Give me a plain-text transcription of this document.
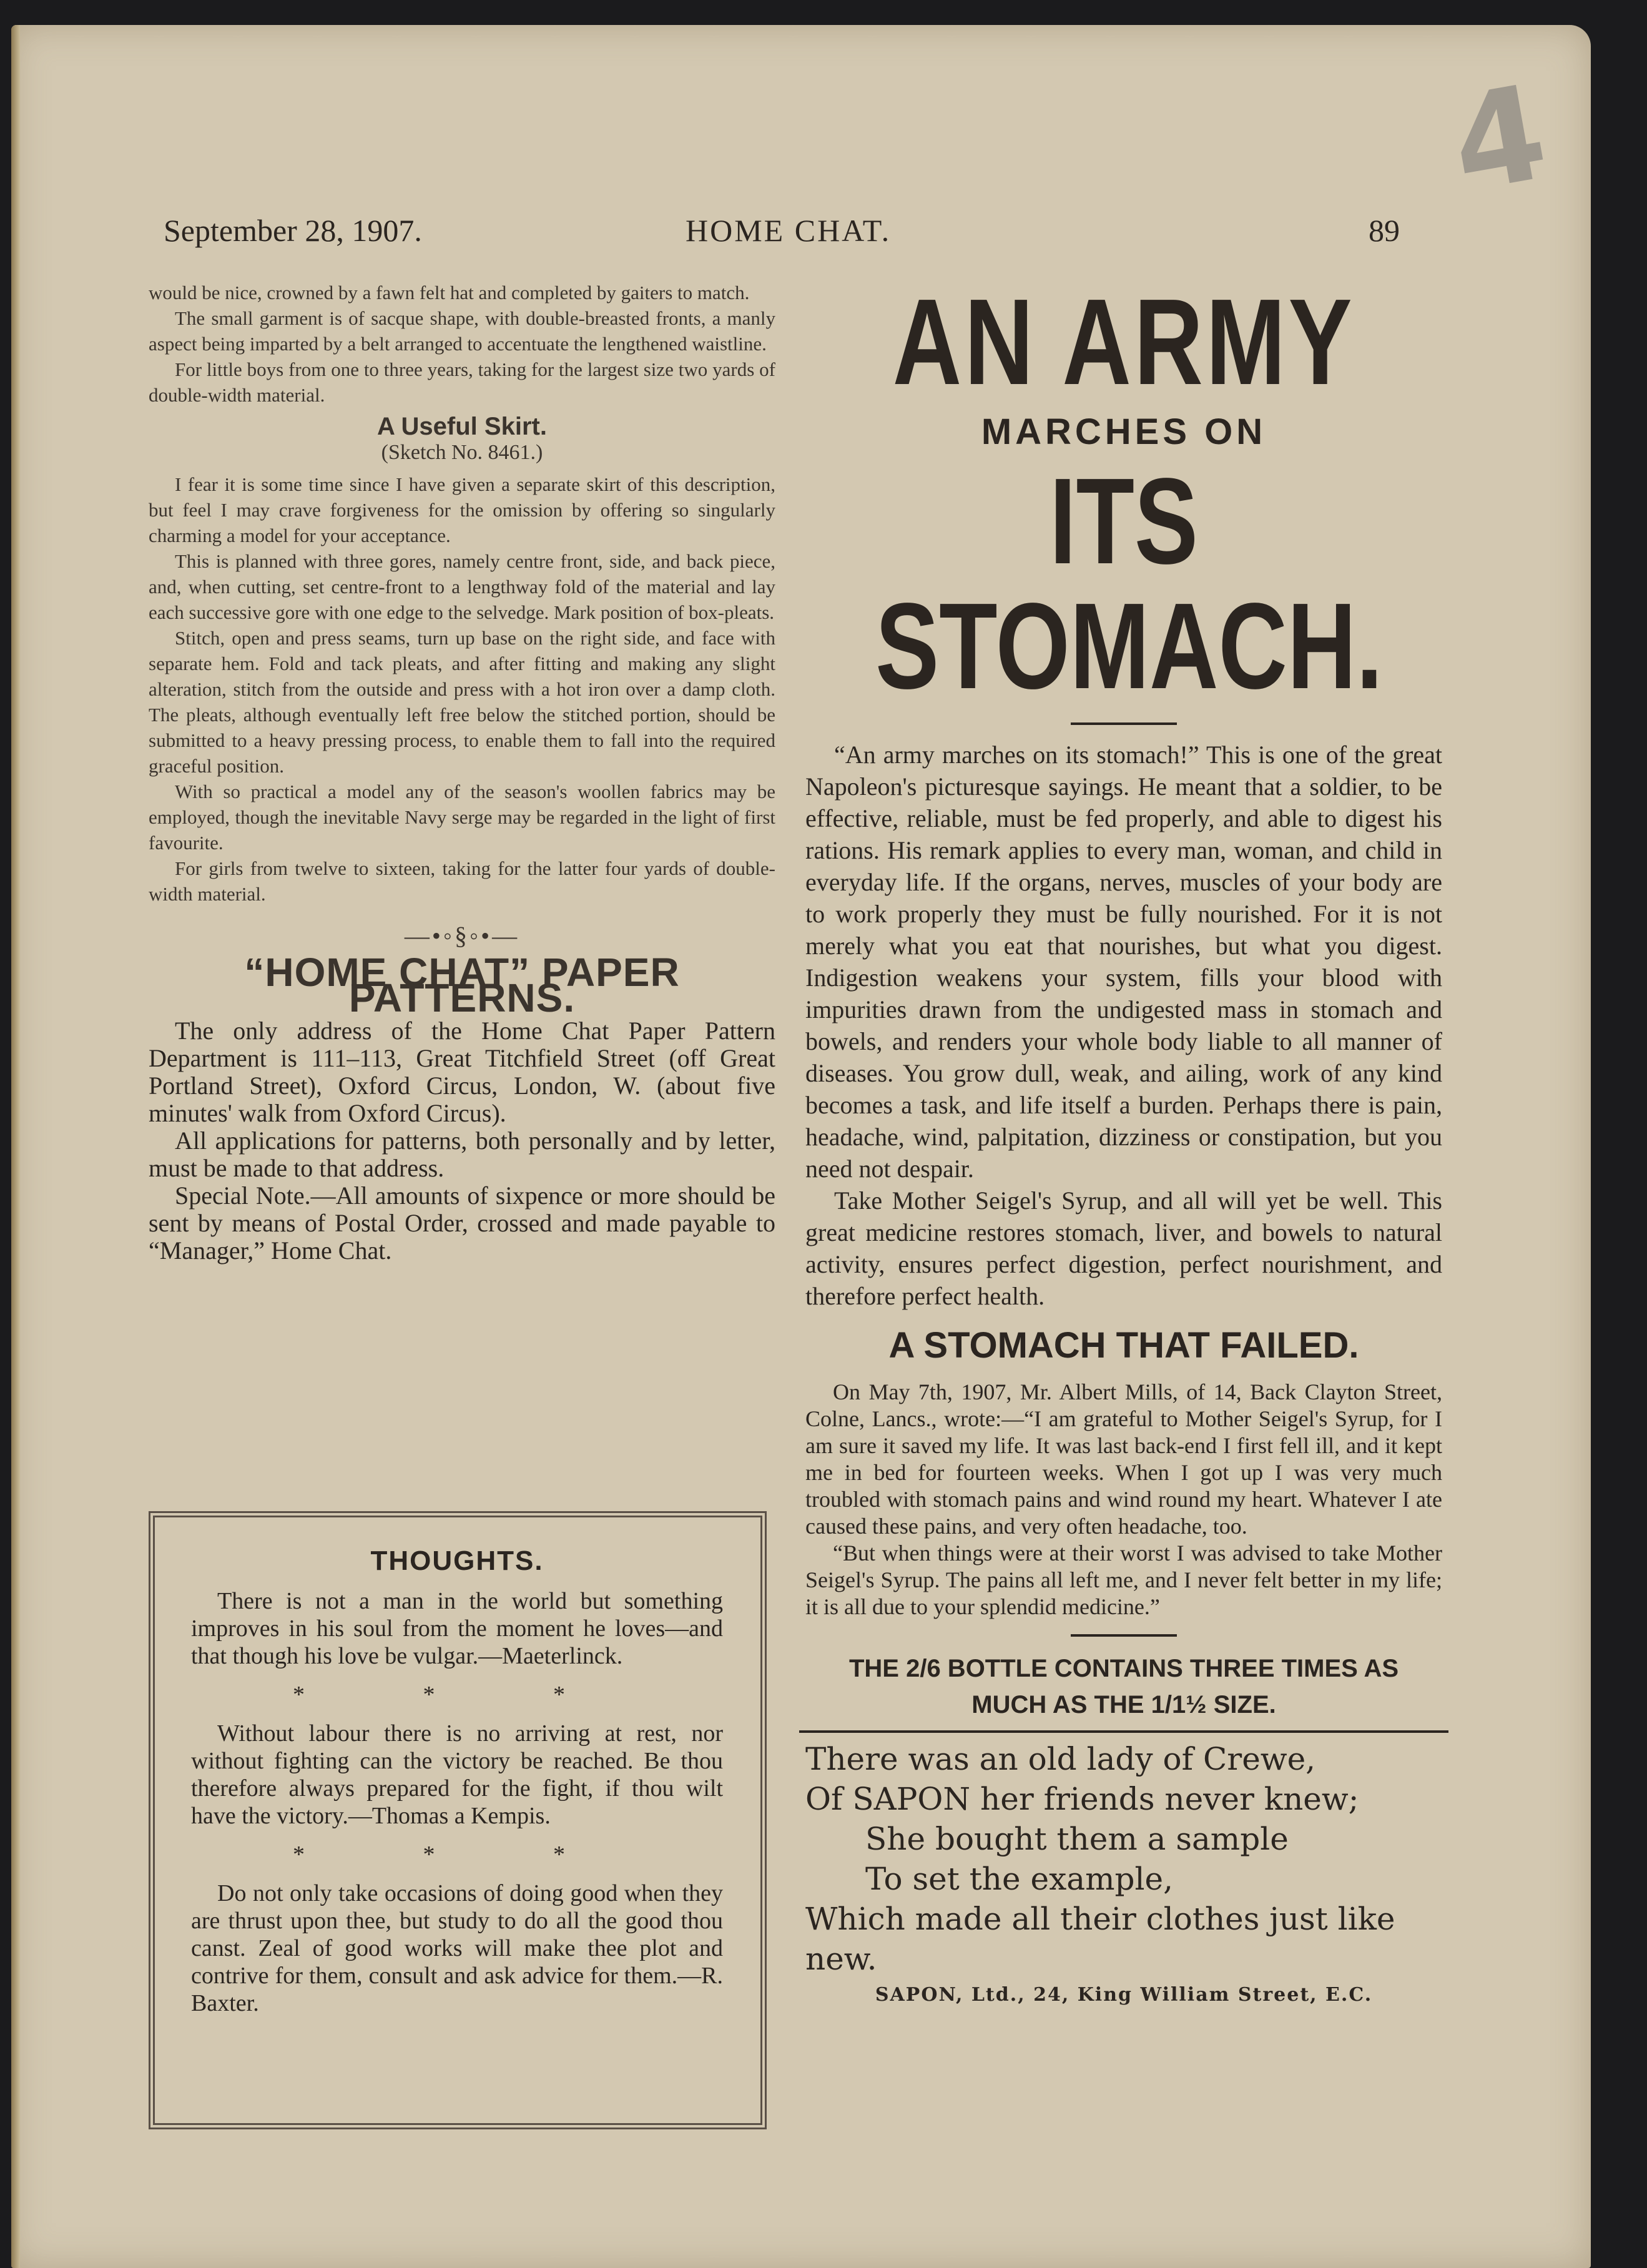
4
September 28, 1907.	HOME CHAT.	89

would be nice, crowned by a fawn felt hat and completed by gaiters to match.

The small garment is of sacque shape, with double-breasted fronts, a manly aspect being imparted by a belt arranged to accentuate the lengthened waistline.

For little boys from one to three years, taking for the largest size two yards of double-width material.

A Useful Skirt.
(Sketch No. 8461.)

I fear it is some time since I have given a separate skirt of this description, but feel I may crave forgiveness for the omission by offering so singularly charming a model for your acceptance.

This is planned with three gores, namely centre front, side, and back piece, and, when cutting, set centre-front to a lengthway fold of the material and lay each successive gore with one edge to the selvedge. Mark position of box-pleats.

Stitch, open and press seams, turn up base on the right side, and face with separate hem. Fold and tack pleats, and after fitting and making any slight alteration, stitch from the outside and press with a hot iron over a damp cloth. The pleats, although eventually left free below the stitched portion, should be submitted to a heavy pressing process, to enable them to fall into the required graceful position.

With so practical a model any of the season's woollen fabrics may be employed, though the inevitable Navy serge may be regarded in the light of first favourite.

For girls from twelve to sixteen, taking for the latter four yards of double-width material.

—•◦§◦•—
“HOME CHAT” PAPER PATTERNS.

The only address of the Home Chat Paper Pattern Department is 111–113, Great Titchfield Street (off Great Portland Street), Oxford Circus, London, W. (about five minutes' walk from Oxford Circus).

All applications for patterns, both personally and by letter, must be made to that address.

Special Note.—All amounts of sixpence or more should be sent by means of Postal Order, crossed and made payable to “Manager,” Home Chat.

THOUGHTS.

There is not a man in the world but something improves in his soul from the moment he loves—and that though his love be vulgar.—Maeterlinck.

* * *

Without labour there is no arriving at rest, nor without fighting can the victory be reached. Be thou therefore always prepared for the fight, if thou wilt have the victory.—Thomas a Kempis.

* * *

Do not only take occasions of doing good when they are thrust upon thee, but study to do all the good thou canst. Zeal of good works will make thee plot and contrive for them, consult and ask advice for them.—R. Baxter.

AN ARMY
MARCHES ON
ITS STOMACH.

“An army marches on its stomach!” This is one of the great Napoleon's picturesque sayings. He meant that a soldier, to be effective, reliable, must be fed properly, and able to digest his rations. His remark applies to every man, woman, and child in everyday life. If the organs, nerves, muscles of your body are to work properly they must be fully nourished. For it is not merely what you eat that nourishes, but what you digest. Indigestion weakens your system, fills your blood with impurities drawn from the undigested mass in stomach and bowels, and renders your whole body liable to all manner of diseases. You grow dull, weak, and ailing, work of any kind becomes a task, and life itself a burden. Perhaps there is pain, headache, wind, palpitation, dizziness or constipation, but you need not despair.

Take Mother Seigel's Syrup, and all will yet be well. This great medicine restores stomach, liver, and bowels to natural activity, ensures perfect digestion, perfect nourishment, and therefore perfect health.

A STOMACH THAT FAILED.

On May 7th, 1907, Mr. Albert Mills, of 14, Back Clayton Street, Colne, Lancs., wrote:—“I am grateful to Mother Seigel's Syrup, for I am sure it saved my life. It was last back-end I first fell ill, and it kept me in bed for fourteen weeks. When I got up I was very much troubled with stomach pains and wind round my heart. Whatever I ate caused these pains, and very often headache, too.

“But when things were at their worst I was advised to take Mother Seigel's Syrup. The pains all left me, and I never felt better in my life; it is all due to your splendid medicine.”

THE 2/6 BOTTLE CONTAINS THREE TIMES AS
MUCH AS THE 1/1½ SIZE.
There was an old lady of Crewe,
Of SAPON her friends never knew;
She bought them a sample
To set the example,
Which made all their clothes just like new.
SAPON, Ltd., 24, King William Street, E.C.
